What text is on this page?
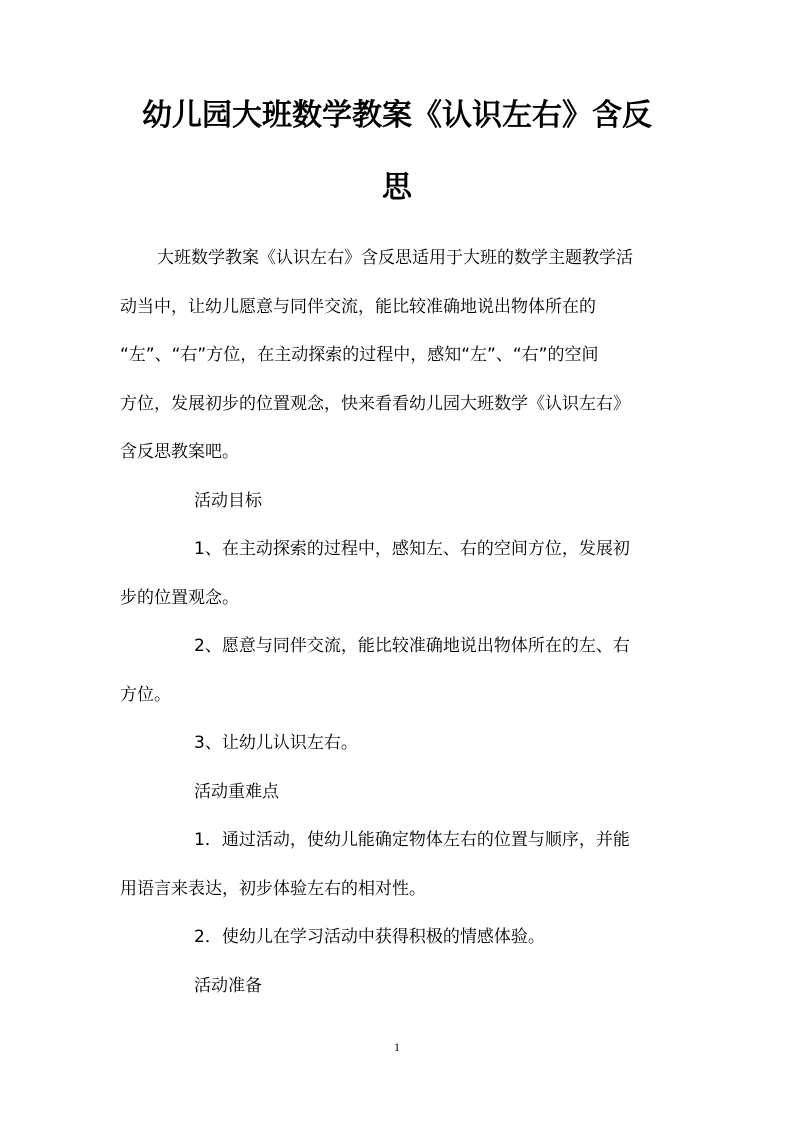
幼儿园大班数学教案《认识左右》含反
思

大班数学教案《认识左右》含反思适用于大班的数学主题教学活
动当中，让幼儿愿意与同伴交流，能比较准确地说出物体所在的
“左”、“右”方位，在主动探索的过程中，感知“左”、“右”的空间
方位，发展初步的位置观念，快来看看幼儿园大班数学《认识左右》
含反思教案吧。

活动目标

1、在主动探索的过程中，感知左、右的空间方位，发展初
步的位置观念。

2、愿意与同伴交流，能比较准确地说出物体所在的左、右
方位。

3、让幼儿认识左右。

活动重难点

1．通过活动，使幼儿能确定物体左右的位置与顺序，并能
用语言来表达，初步体验左右的相对性。

2．使幼儿在学习活动中获得积极的情感体验。

活动准备

1
